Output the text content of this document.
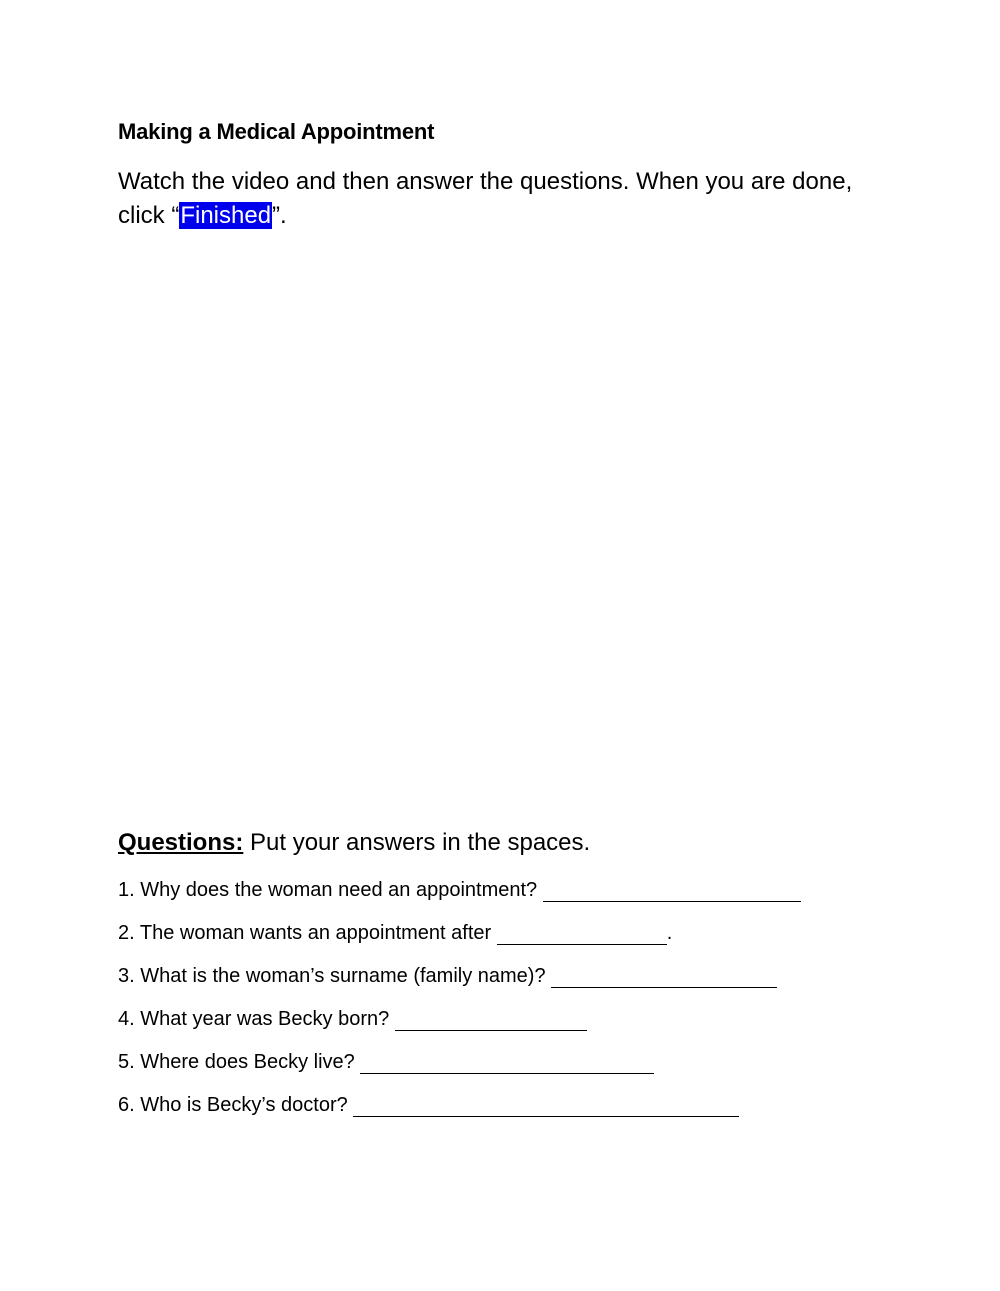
Making a Medical Appointment

Watch the video and then answer the questions. When you are done, click “Finished”.

Questions: Put your answers in the spaces.

1. Why does the woman need an appointment?
2. The woman wants an appointment after	.
3. What is the woman’s surname (family name)?
4. What year was Becky born?
5. Where does Becky live?
6. Who is Becky’s doctor?
